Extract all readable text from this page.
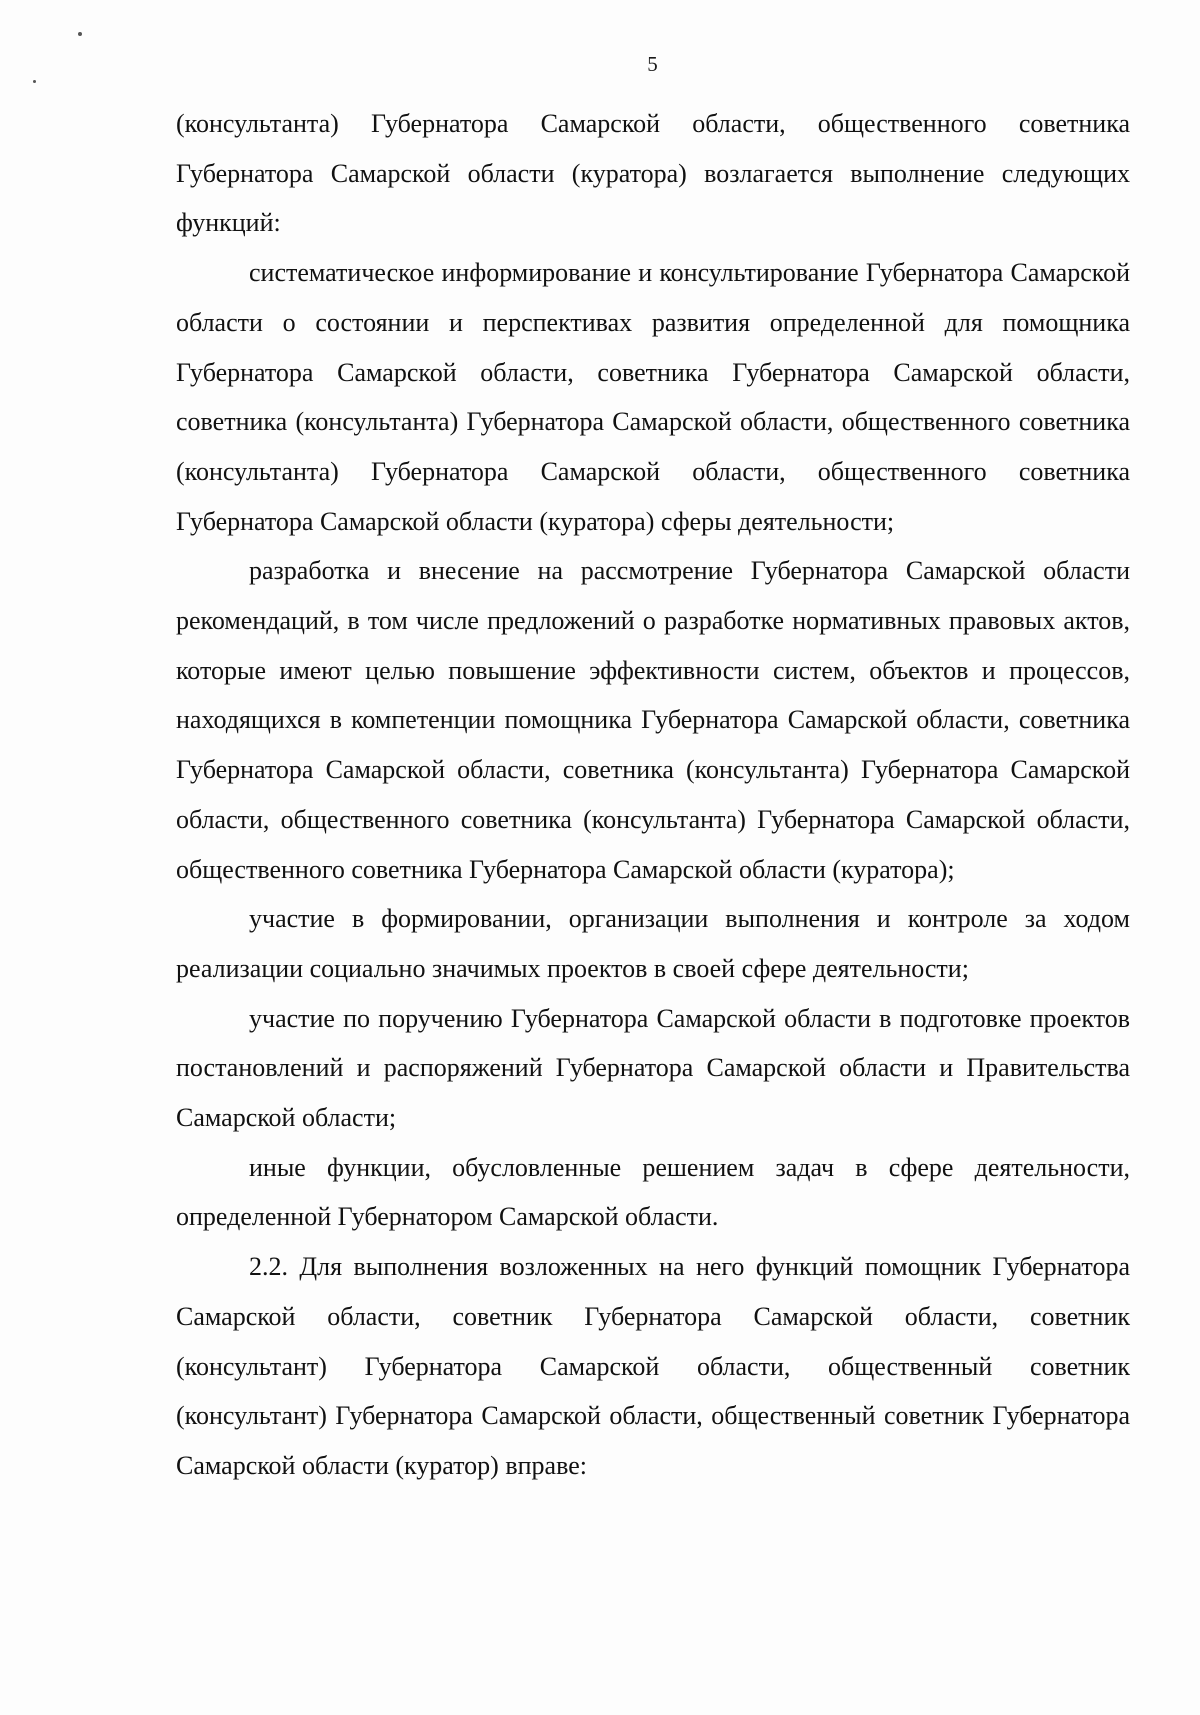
5

(консультанта) Губернатора Самарской области, общественного советника Губернатора Самарской области (куратора) возлагается выполнение следующих функций:

систематическое информирование и консультирование Губернатора Самарской области о состоянии и перспективах развития определенной для помощника Губернатора Самарской области, советника Губернатора Самарской области, советника (консультанта) Губернатора Самарской области, общественного советника (консультанта) Губернатора Самарской области, общественного советника Губернатора Самарской области (куратора) сферы деятельности;

разработка и внесение на рассмотрение Губернатора Самарской области рекомендаций, в том числе предложений о разработке нормативных правовых актов, которые имеют целью повышение эффективности систем, объектов и процессов, находящихся в компетенции помощника Губернатора Самарской области, советника Губернатора Самарской области, советника (консультанта) Губернатора Самарской области, общественного советника (консультанта) Губернатора Самарской области, общественного советника Губернатора Самарской области (куратора);

участие в формировании, организации выполнения и контроле за ходом реализации социально значимых проектов в своей сфере деятельности;

участие по поручению Губернатора Самарской области в подготовке проектов постановлений и распоряжений Губернатора Самарской области и Правительства Самарской области;

иные функции, обусловленные решением задач в сфере деятельности, определенной Губернатором Самарской области.

2.2. Для выполнения возложенных на него функций помощник Губернатора Самарской области, советник Губернатора Самарской области, советник (консультант) Губернатора Самарской области, общественный советник (консультант) Губернатора Самарской области, общественный советник Губернатора Самарской области (куратор) вправе:
